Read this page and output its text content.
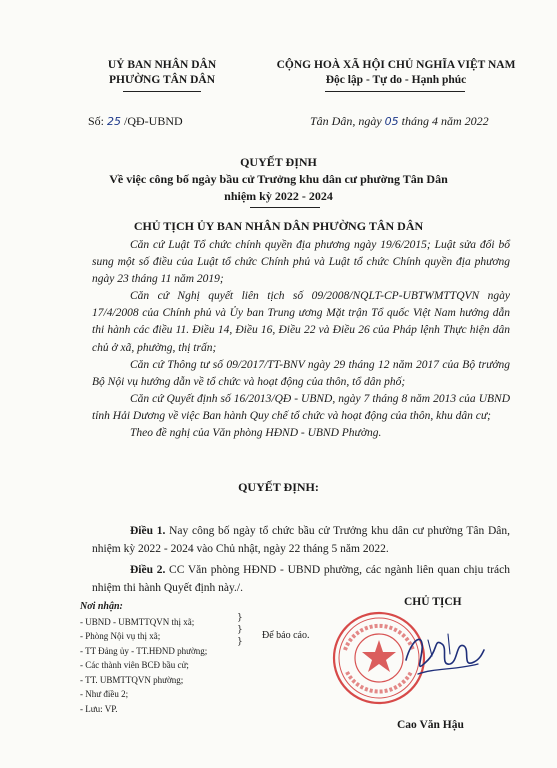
UỶ BAN NHÂN DÂN
PHƯỜNG TÂN DÂN
CỘNG HOÀ XÃ HỘI CHỦ NGHĨA VIỆT NAM
Độc lập - Tự do - Hạnh phúc
Số: 25 /QĐ-UBND	Tân Dân, ngày 05 tháng 4 năm 2022
QUYẾT ĐỊNH
Về việc công bố ngày bầu cử Trưởng khu dân cư phường Tân Dân
nhiệm kỳ 2022 - 2024
CHỦ TỊCH ỦY BAN NHÂN DÂN PHƯỜNG TÂN DÂN

Căn cứ Luật Tổ chức chính quyền địa phương ngày 19/6/2015; Luật sửa đổi bổ sung một số điều của Luật tổ chức Chính phủ và Luật tổ chức Chính quyền địa phương ngày 23 tháng 11 năm 2019;

Căn cứ Nghị quyết liên tịch số 09/2008/NQLT-CP-UBTWMTTQVN ngày 17/4/2008 của Chính phủ và Ủy ban Trung ương Mặt trận Tổ quốc Việt Nam hướng dẫn thi hành các điều 11. Điều 14, Điều 16, Điều 22 và Điều 26 của Pháp lệnh Thực hiện dân chủ ở xã, phường, thị trấn;

Căn cứ Thông tư số 09/2017/TT-BNV ngày 29 tháng 12 năm 2017 của Bộ trưởng Bộ Nội vụ hướng dẫn về tổ chức và hoạt động của thôn, tổ dân phố;

Căn cứ Quyết định số 16/2013/QĐ - UBND, ngày 7 tháng 8 năm 2013 của UBND tỉnh Hải Dương về việc Ban hành Quy chế tổ chức và hoạt động của thôn, khu dân cư;

Theo đề nghị của Văn phòng HĐND - UBND Phường.

QUYẾT ĐỊNH:

Điều 1. Nay công bố ngày tổ chức bầu cử Trưởng khu dân cư phường Tân Dân, nhiệm kỳ 2022 - 2024 vào Chủ nhật, ngày 22 tháng 5 năm 2022.

Điều 2. CC Văn phòng HĐND - UBND phường, các ngành liên quan chịu trách nhiệm thi hành Quyết định này./.

Nơi nhận:
- UBND - UBMTTQVN thị xã;
- Phòng Nội vụ thị xã;
- TT Đảng ủy - TT.HĐND phường;
- Các thành viên BCĐ bầu cử;
- TT. UBMTTQVN phường;
- Như điều 2;
- Lưu: VP.
}
}
}
Để báo cáo.
CHỦ TỊCH
Cao Văn Hậu
